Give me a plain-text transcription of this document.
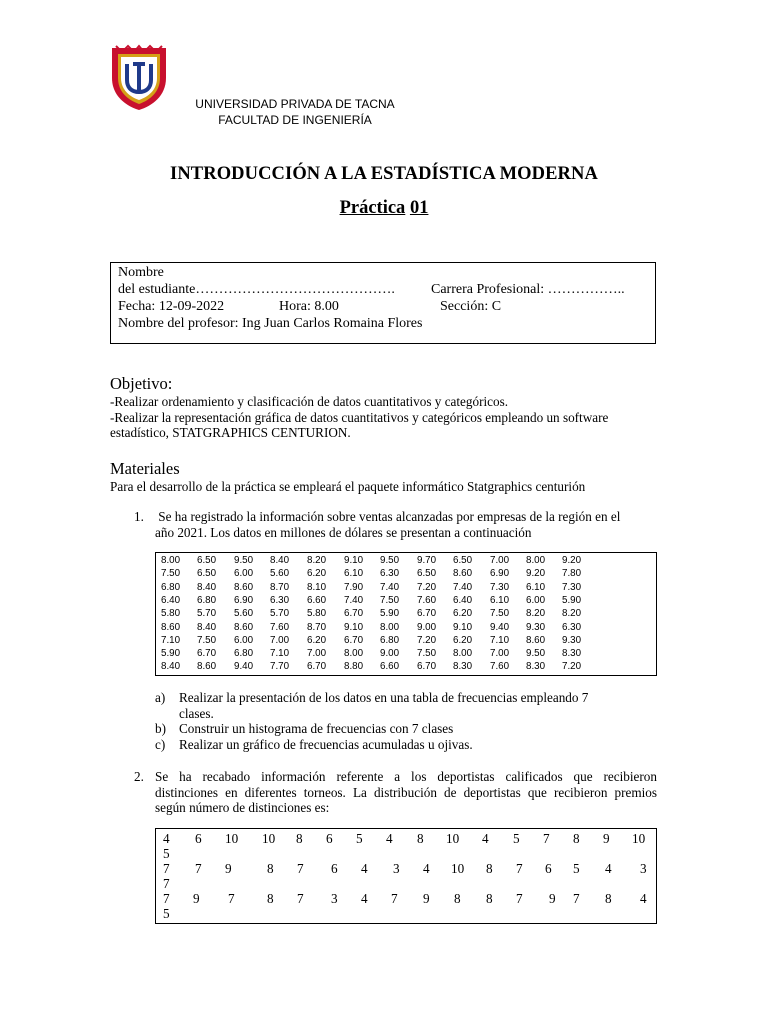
UNIVERSIDAD PRIVADA DE TACNA
FACULTAD DE INGENIERÍA
INTRODUCCIÓN A LA ESTADÍSTICA MODERNA
Práctica 01
Nombre
del estudiante…………………………………….	Carrera Profesional: ……………..
Fecha: 12-09-2022	Hora: 8.00	Sección: C
Nombre del profesor: Ing Juan Carlos Romaina Flores
Objetivo:
-Realizar ordenamiento y clasificación de datos cuantitativos y categóricos.
-Realizar la representación gráfica de datos cuantitativos y categóricos empleando un software
estadístico, STATGRAPHICS CENTURION.
Materiales
Para el desarrollo de la práctica se empleará el paquete informático Statgraphics centurión
1. Se ha registrado la información sobre ventas alcanzadas por empresas de la región en el
año 2021. Los datos en millones de dólares se presentan a continuación
8.00 6.50 9.50 8.40 8.20 9.10 9.50 9.70 6.50 7.00 8.00 9.20
7.50 6.50 6.00 5.60 6.20 6.10 6.30 6.50 8.60 6.90 9.20 7.80
6.80 8.40 8.60 8.70 8.10 7.90 7.40 7.20 7.40 7.30 6.10 7.30
6.40 6.80 6.90 6.30 6.60 7.40 7.50 7.60 6.40 6.10 6.00 5.90
5.80 5.70 5.60 5.70 5.80 6.70 5.90 6.70 6.20 7.50 8.20 8.20
8.60 8.40 8.60 7.60 8.70 9.10 8.00 9.00 9.10 9.40 9.30 6.30
7.10 7.50 6.00 7.00 6.20 6.70 6.80 7.20 6.20 7.10 8.60 9.30
5.90 6.70 6.80 7.10 7.00 8.00 9.00 7.50 8.00 7.00 9.50 8.30
8.40 8.60 9.40 7.70 6.70 8.80 6.60 6.70 8.30 7.60 8.30 7.20
a) Realizar la presentación de los datos en una tabla de frecuencias empleando 7
clases.
b) Construir un histograma de frecuencias con 7 clases
c) Realizar un gráfico de frecuencias acumuladas u ojivas.
2. Se ha recabado información referente a los deportistas calificados que recibieron
distinciones en diferentes torneos. La distribución de deportistas que recibieron premios
según número de distinciones es:
4 6 10 10 8 6 5 4 8 10 4 5 7 8 9 10
5
7 7 9	8 7 6 4 3 4 10 8 7 6 5 4 3
7
7 9 7 8 7 3 4 7 9 8 8 7 9 7 8 4
5
